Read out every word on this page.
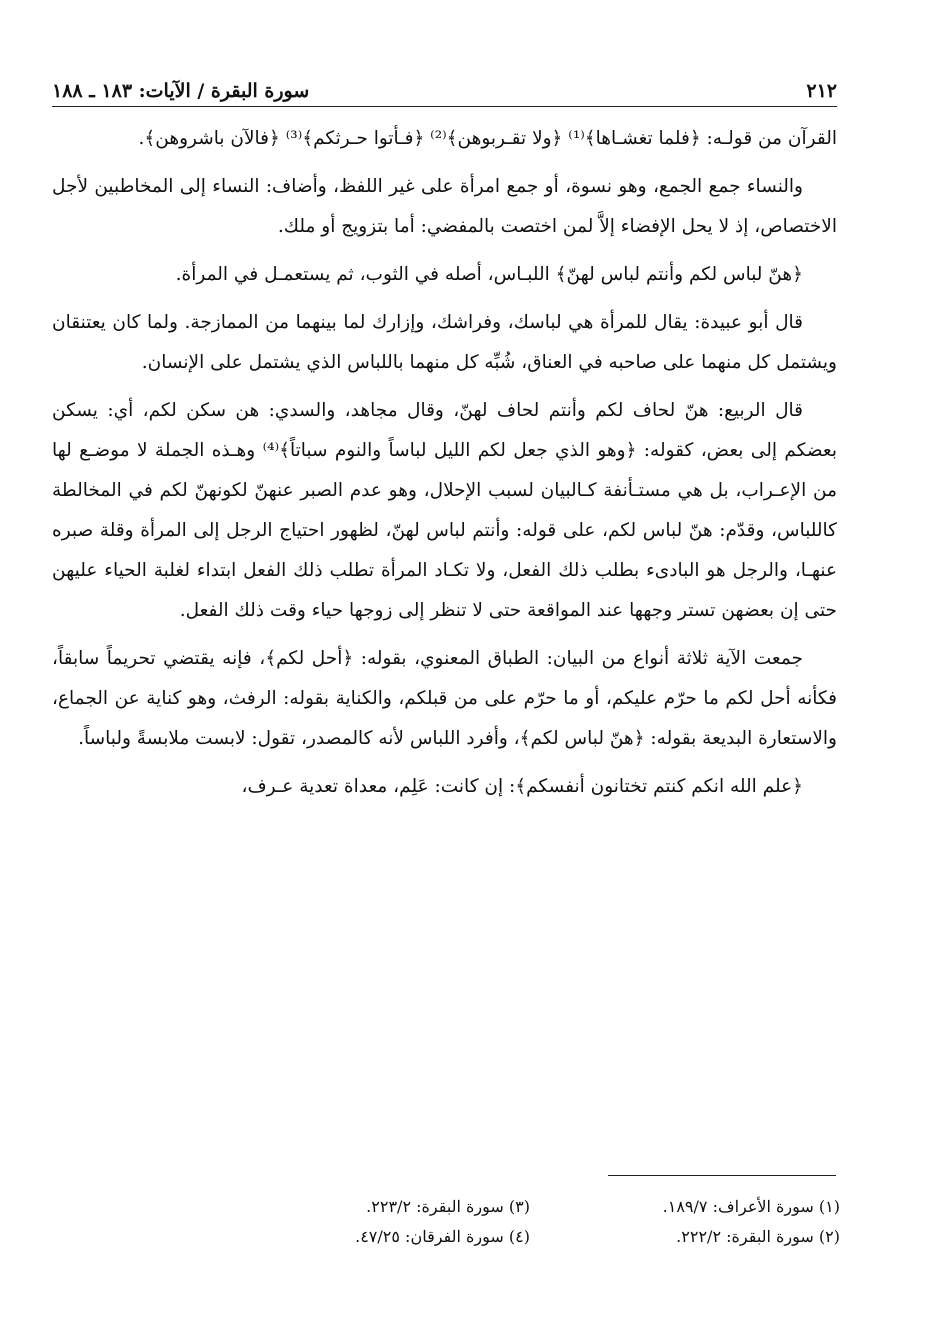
٢١٢
سورة البقرة / الآيات: ١٨٣ ـ ١٨٨

القرآن من قولـه: ﴿فلما تغشـاها﴾⁽¹⁾ ﴿ولا تقـربوهن﴾⁽²⁾ ﴿فـأتوا حـرثكم﴾⁽³⁾ ﴿فالآن باشروهن﴾.

والنساء جمع الجمع، وهو نسوة، أو جمع امرأة على غير اللفظ، وأضاف: النساء إلى المخاطبين لأجل الاختصاص، إذ لا يحل الإفضاء إلاَّ لمن اختصت بالمفضي: أما بتزويج أو ملك.

﴿هنّ لباس لكم وأنتم لباس لهنّ﴾ اللبـاس، أصله في الثوب، ثم يستعمـل في المرأة.

قال أبو عبيدة: يقال للمرأة هي لباسك، وفراشك، وإزارك لما بينهما من الممازجة. ولما كان يعتنقان ويشتمل كل منهما على صاحبه في العناق، شُبِّه كل منهما باللباس الذي يشتمل على الإنسان.

قال الربيع: هنّ لحاف لكم وأنتم لحاف لهنّ، وقال مجاهد، والسدي: هن سكن لكم، أي: يسكن بعضكم إلى بعض، كقوله: ﴿وهو الذي جعل لكم الليل لباساً والنوم سباتاً﴾⁽⁴⁾ وهـذه الجملة لا موضـع لها من الإعـراب، بل هي مستـأنفة كـالبيان لسبب الإحلال، وهو عدم الصبر عنهنّ لكونهنّ لكم في المخالطة كاللباس، وقدّم: هنّ لباس لكم، على قوله: وأنتم لباس لهنّ، لظهور احتياج الرجل إلى المرأة وقلة صبره عنهـا، والرجل هو البادىء بطلب ذلك الفعل، ولا تكـاد المرأة تطلب ذلك الفعل ابتداء لغلبة الحياء عليهن حتى إن بعضهن تستر وجهها عند المواقعة حتى لا تنظر إلى زوجها حياء وقت ذلك الفعل.

جمعت الآية ثلاثة أنواع من البيان: الطباق المعنوي، بقوله: ﴿أحل لكم﴾، فإنه يقتضي تحريماً سابقاً، فكأنه أحل لكم ما حرّم عليكم، أو ما حرّم على من قبلكم، والكناية بقوله: الرفث، وهو كناية عن الجماع، والاستعارة البديعة بقوله: ﴿هنّ لباس لكم﴾، وأفرد اللباس لأنه كالمصدر، تقول: لابست ملابسةً ولباساً.

﴿علم الله انكم كنتم تختانون أنفسكم﴾: إن كانت: عَلِم، معداة تعدية عـرف،

(١) سورة الأعراف: ١٨٩/٧.
(٣) سورة البقرة: ٢٢٣/٢.
(٢) سورة البقرة: ٢٢٢/٢.
(٤) سورة الفرقان: ٤٧/٢٥.
